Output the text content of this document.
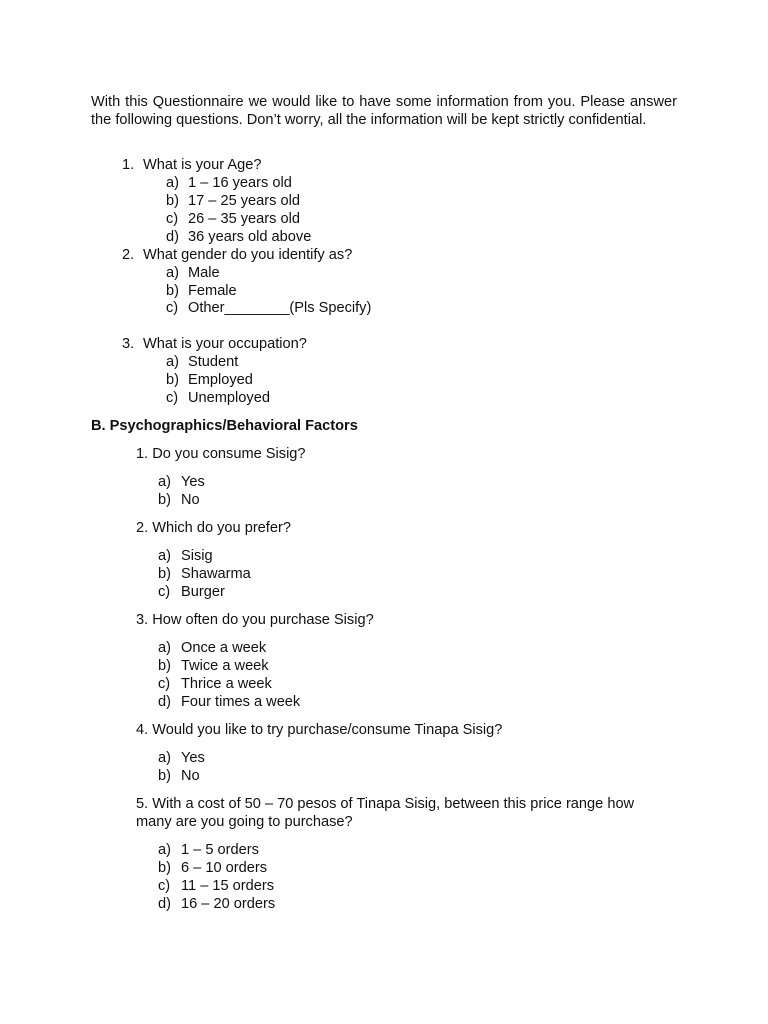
With this Questionnaire we would like to have some information from you. Please answer the following questions. Don’t worry, all the information will be kept strictly confidential.

1. What is your Age?
a) 1 – 16 years old
b) 17 – 25 years old
c) 26 – 35 years old
d) 36 years old above
2. What gender do you identify as?
a) Male
b) Female
c) Other________(Pls Specify)
3. What is your occupation?
a) Student
b) Employed
c) Unemployed
B. Psychographics/Behavioral Factors
1. Do you consume Sisig?
a) Yes
b) No
2. Which do you prefer?
a) Sisig
b) Shawarma
c) Burger
3. How often do you purchase Sisig?
a) Once a week
b) Twice a week
c) Thrice a week
d) Four times a week
4. Would you like to try purchase/consume Tinapa Sisig?
a) Yes
b) No
5. With a cost of 50 – 70 pesos of Tinapa Sisig, between this price range how
many are you going to purchase?
a) 1 – 5 orders
b) 6 – 10 orders
c) 11 – 15 orders
d) 16 – 20 orders
